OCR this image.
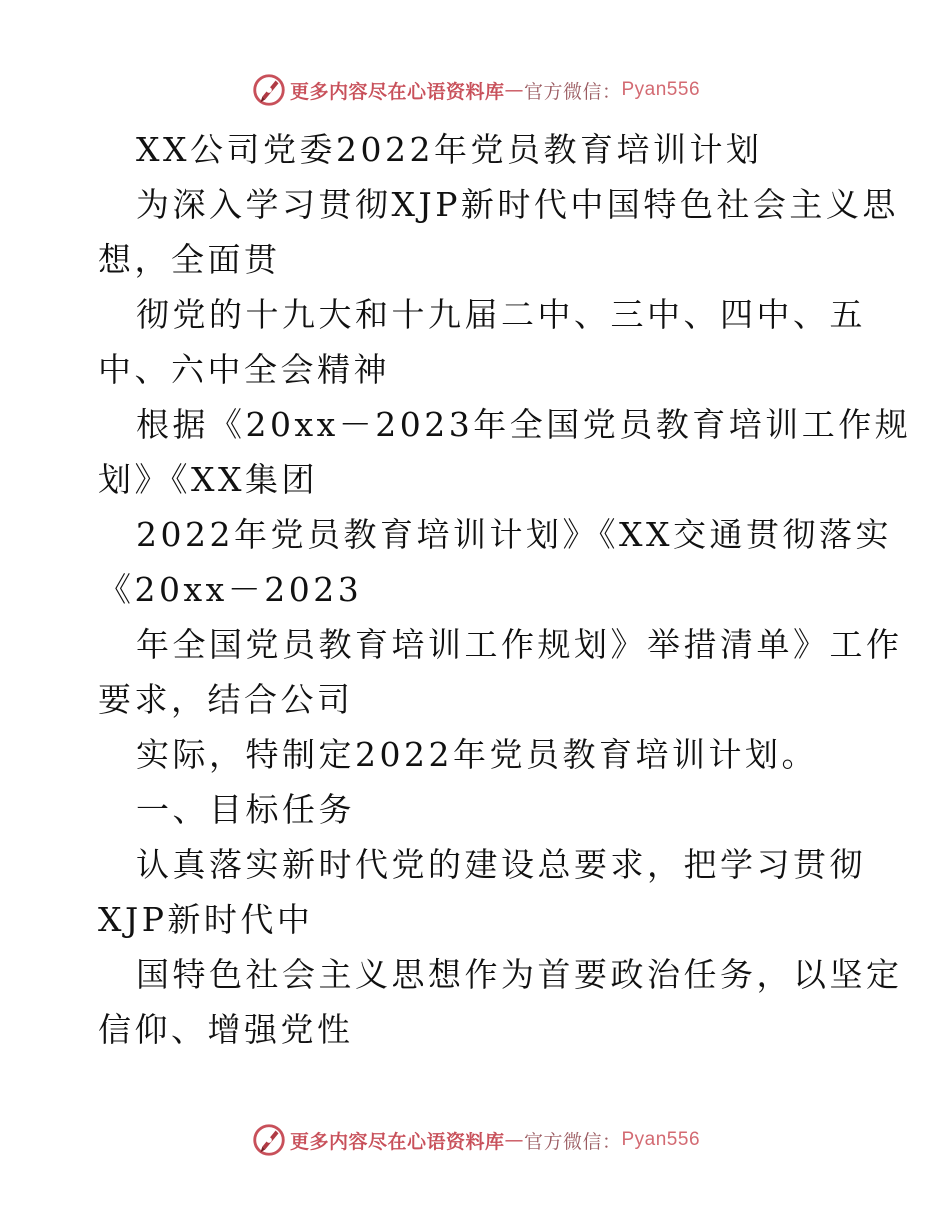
更多内容尽在心语资料库 — 官方微信： Pyan556
XX公司党委2022年党员教育培训计划
为深入学习贯彻XJP新时代中国特色社会主义思
想，全面贯
彻党的十九大和十九届二中、三中、四中、五
中、六中全会精神
根据《20xx－2023年全国党员教育培训工作规
划》《XX集团
2022年党员教育培训计划》《XX交通贯彻落实
《20xx－2023
年全国党员教育培训工作规划》举措清单》工作
要求，结合公司
实际，特制定2022年党员教育培训计划。
一、目标任务
认真落实新时代党的建设总要求，把学习贯彻
XJP新时代中
国特色社会主义思想作为首要政治任务，以坚定
信仰、增强党性
更多内容尽在心语资料库 — 官方微信： Pyan556
